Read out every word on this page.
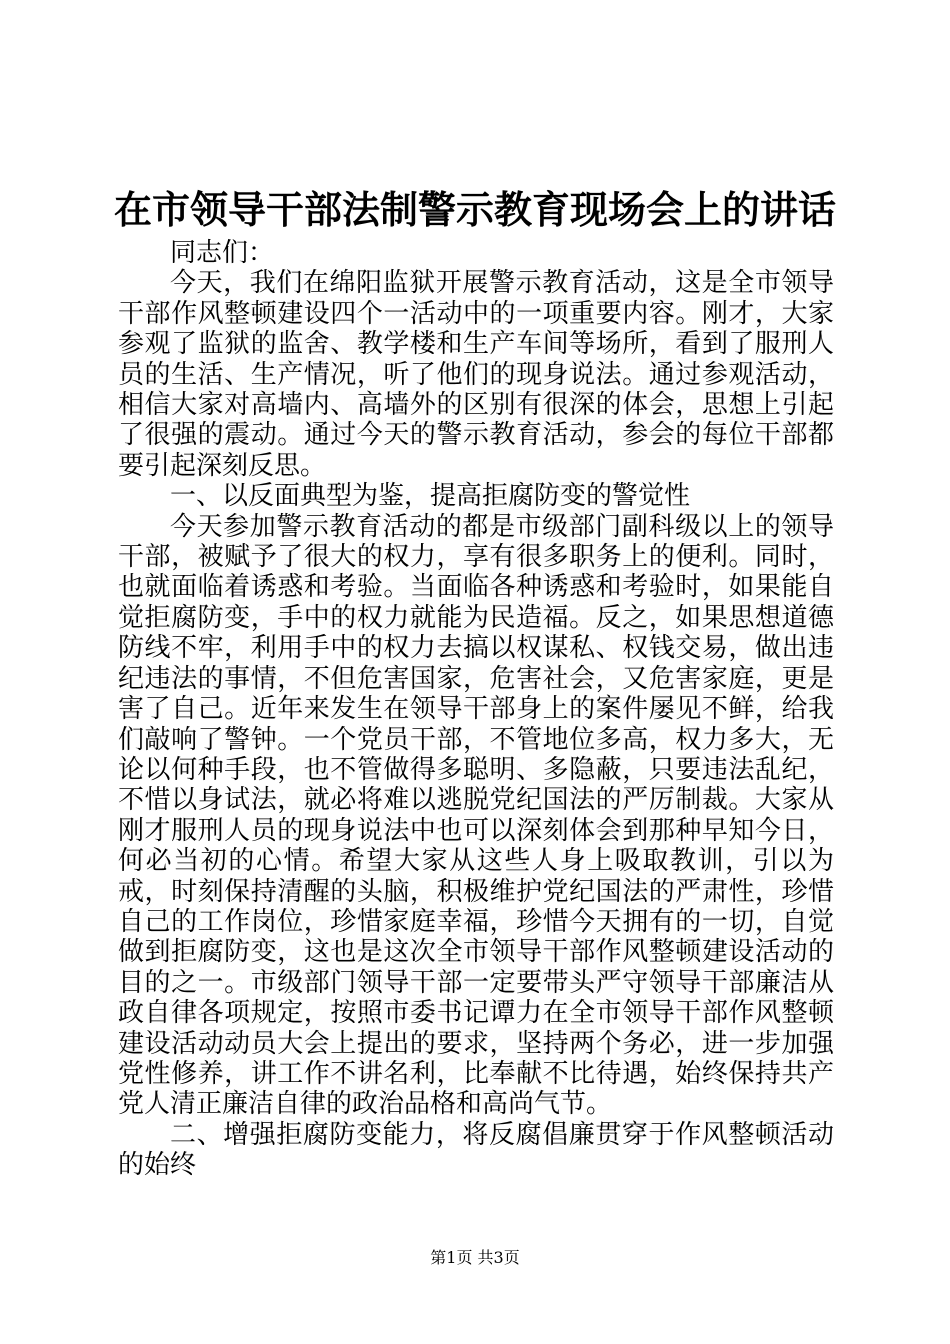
在市领导干部法制警示教育现场会上的讲话

同志们：

今天，我们在绵阳监狱开展警示教育活动，这是全市领导干部作风整顿建设四个一活动中的一项重要内容。刚才，大家参观了监狱的监舍、教学楼和生产车间等场所，看到了服刑人员的生活、生产情况，听了他们的现身说法。通过参观活动，相信大家对高墙内、高墙外的区别有很深的体会，思想上引起了很强的震动。通过今天的警示教育活动，参会的每位干部都要引起深刻反思。

一、以反面典型为鉴，提高拒腐防变的警觉性

今天参加警示教育活动的都是市级部门副科级以上的领导干部，被赋予了很大的权力，享有很多职务上的便利。同时，也就面临着诱惑和考验。当面临各种诱惑和考验时，如果能自觉拒腐防变，手中的权力就能为民造福。反之，如果思想道德防线不牢，利用手中的权力去搞以权谋私、权钱交易，做出违纪违法的事情，不但危害国家，危害社会，又危害家庭，更是害了自己。近年来发生在领导干部身上的案件屡见不鲜，给我们敲响了警钟。一个党员干部，不管地位多高，权力多大，无论以何种手段，也不管做得多聪明、多隐蔽，只要违法乱纪，不惜以身试法，就必将难以逃脱党纪国法的严厉制裁。大家从刚才服刑人员的现身说法中也可以深刻体会到那种早知今日，何必当初的心情。希望大家从这些人身上吸取教训，引以为戒，时刻保持清醒的头脑，积极维护党纪国法的严肃性，珍惜自己的工作岗位，珍惜家庭幸福，珍惜今天拥有的一切，自觉做到拒腐防变，这也是这次全市领导干部作风整顿建设活动的目的之一。市级部门领导干部一定要带头严守领导干部廉洁从政自律各项规定，按照市委书记谭力在全市领导干部作风整顿建设活动动员大会上提出的要求，坚持两个务必，进一步加强党性修养，讲工作不讲名利，比奉献不比待遇，始终保持共产党人清正廉洁自律的政治品格和高尚气节。

二、增强拒腐防变能力，将反腐倡廉贯穿于作风整顿活动的始终

第1页 共3页
